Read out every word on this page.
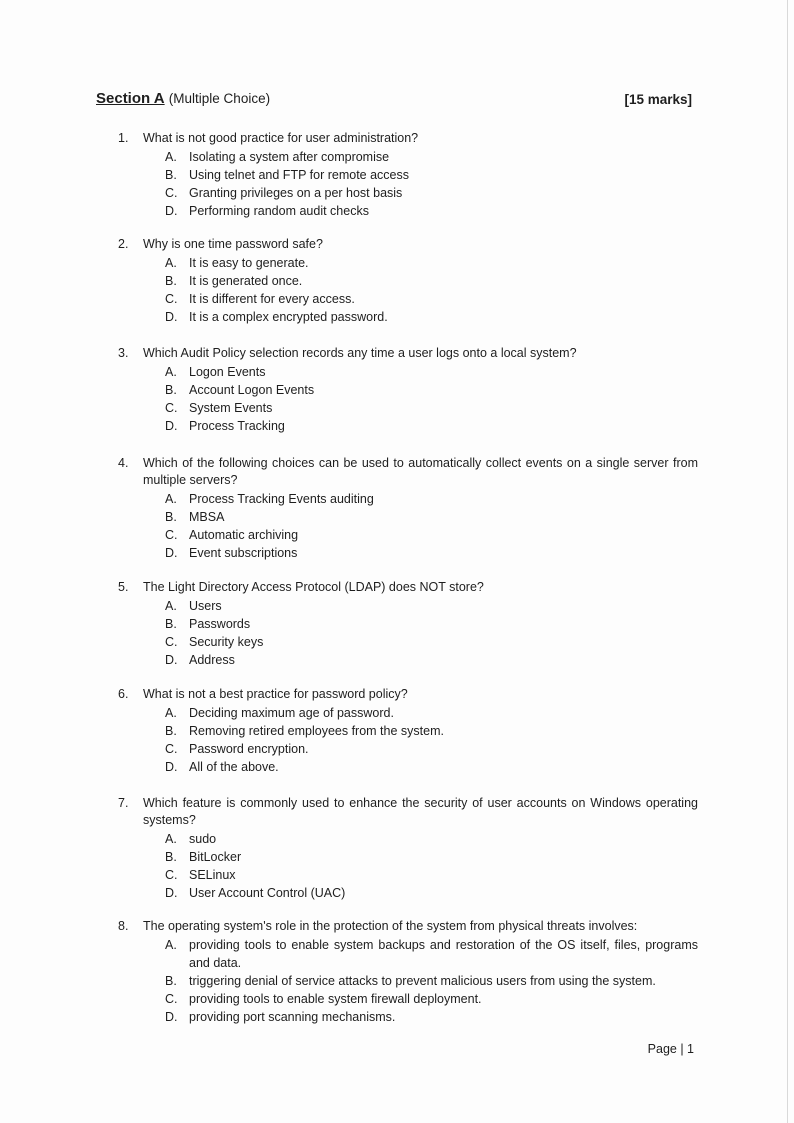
Section A (Multiple Choice)	[15 marks]
1. What is not good practice for user administration?
A. Isolating a system after compromise
B. Using telnet and FTP for remote access
C. Granting privileges on a per host basis
D. Performing random audit checks
2. Why is one time password safe?
A. It is easy to generate.
B. It is generated once.
C. It is different for every access.
D. It is a complex encrypted password.
3. Which Audit Policy selection records any time a user logs onto a local system?
A. Logon Events
B. Account Logon Events
C. System Events
D. Process Tracking
4. Which of the following choices can be used to automatically collect events on a single server from multiple servers?
A. Process Tracking Events auditing
B. MBSA
C. Automatic archiving
D. Event subscriptions
5. The Light Directory Access Protocol (LDAP) does NOT store?
A. Users
B. Passwords
C. Security keys
D. Address
6. What is not a best practice for password policy?
A. Deciding maximum age of password.
B. Removing retired employees from the system.
C. Password encryption.
D. All of the above.
7. Which feature is commonly used to enhance the security of user accounts on Windows operating systems?
A. sudo
B. BitLocker
C. SELinux
D. User Account Control (UAC)
8. The operating system's role in the protection of the system from physical threats involves:
A. providing tools to enable system backups and restoration of the OS itself, files, programs and data.
B. triggering denial of service attacks to prevent malicious users from using the system.
C. providing tools to enable system firewall deployment.
D. providing port scanning mechanisms.
Page | 1
